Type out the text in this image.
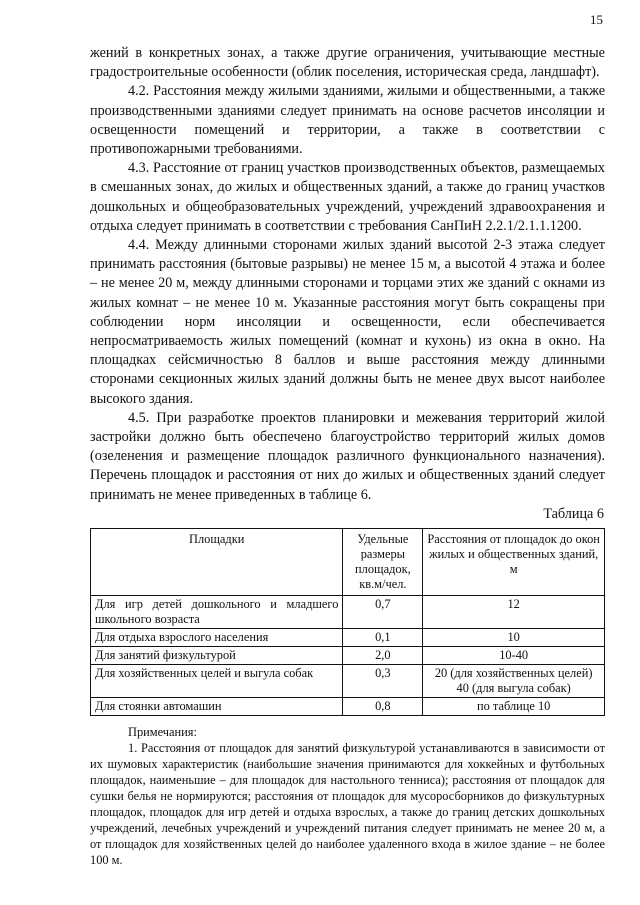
15

жений в конкретных зонах, а также другие ограничения, учитывающие местные градостроительные особенности (облик поселения, историческая среда, ландшафт).

4.2. Расстояния между жилыми зданиями, жилыми и общественными, а также производственными зданиями следует принимать на основе расчетов инсоляции и освещенности помещений и территории, а также в соответствии с противопожарными требованиями.

4.3. Расстояние от границ участков производственных объектов, размещаемых в смешанных зонах, до жилых и общественных зданий, а также до границ участков дошкольных и общеобразовательных учреждений, учреждений здравоохранения и отдыха следует принимать в соответствии с требования СанПиН 2.2.1/2.1.1.1200.

4.4. Между длинными сторонами жилых зданий высотой 2-3 этажа следует принимать расстояния (бытовые разрывы) не менее 15 м, а высотой 4 этажа и более – не менее 20 м, между длинными сторонами и торцами этих же зданий с окнами из жилых комнат – не менее 10 м. Указанные расстояния могут быть сокращены при соблюдении норм инсоляции и освещенности, если обеспечивается непросматриваемость жилых помещений (комнат и кухонь) из окна в окно. На площадках сейсмичностью 8 баллов и выше расстояния между длинными сторонами секционных жилых зданий должны быть не менее двух высот наиболее высокого здания.

4.5. При разработке проектов планировки и межевания территорий жилой застройки должно быть обеспечено благоустройство территорий жилых домов (озеленения и размещение площадок различного функционального назначения). Перечень площадок и расстояния от них до жилых и общественных зданий следует принимать не менее приведенных в таблице 6.

Таблица 6
Площадки	Удельные размеры площадок, кв.м/чел.	Расстояния от площадок до окон жилых и общественных зданий, м
Для игр детей дошкольного и младшего школьного возраста	0,7	12
Для отдыха взрослого населения	0,1	10
Для занятий физкультурой	2,0	10-40
Для хозяйственных целей и выгула собак	0,3	20 (для хозяйственных целей) 40 (для выгула собак)
Для стоянки автомашин	0,8	по таблице 10

Примечания:

1. Расстояния от площадок для занятий физкультурой устанавливаются в зависимости от их шумовых характеристик (наибольшие значения принимаются для хоккейных и футбольных площадок, наименьшие – для площадок для настольного тенниса); расстояния от площадок для сушки белья не нормируются; расстояния от площадок для мусоросборников до физкультурных площадок, площадок для игр детей и отдыха взрослых, а также до границ детских дошкольных учреждений, лечебных учреждений и учреждений питания следует принимать не менее 20 м, а от площадок для хозяйственных целей до наиболее удаленного входа в жилое здание – не более 100 м.
